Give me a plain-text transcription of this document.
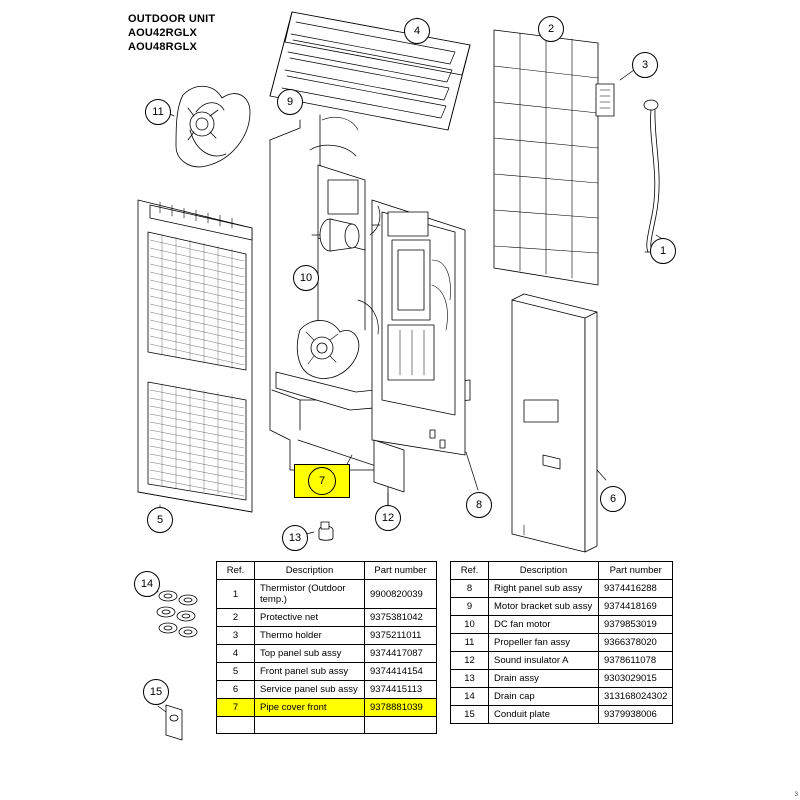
OUTDOOR UNIT
AOU42RGLX
AOU48RGLX
1
2
3
4
5
6
7
8
9
10
11
12
13
14
15
Ref.	Description	Part number
1	Thermistor (Outdoor temp.)	9900820039
2	Protective net	9375381042
3	Thermo holder	9375211011
4	Top panel sub assy	9374417087
5	Front panel sub assy	9374414154
6	Service panel sub assy	9374415113
7	Pipe cover front	9378881039

Ref.	Description	Part number
8	Right panel sub assy	9374416288
9	Motor bracket sub assy	9374418169
10	DC fan motor	9379853019
11	Propeller fan assy	9366378020
12	Sound insulator A	9378611078
13	Drain assy	9303029015
14	Drain cap	313168024302
15	Conduit plate	9379938006
3
